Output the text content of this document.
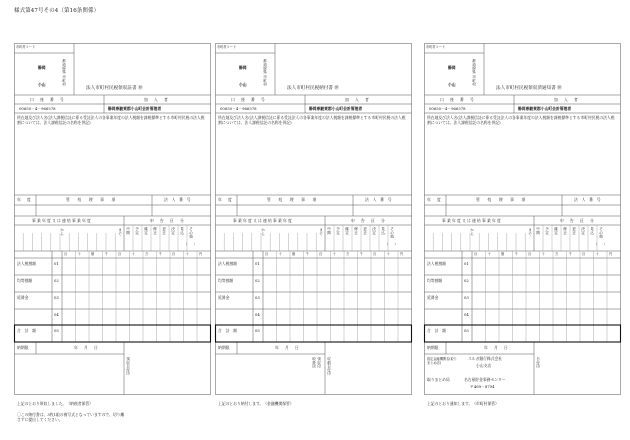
様式第47号その4（第16条関係）
市町村コード
静岡	都道府県
小山	市町村
法人市町村民税領収証書 ㊞
口　座　番　号	加　入　者
00650－4－966578	静岡県駿東郡小山町会計管理者
所在地及び法人名(法人課税信託に係る受託法人の各事業年度の法人税額を課税標準とする市町村民税の法人税割については、法人課税信託の名称を併記)
年　度	管　　処　　理　　事　　項	法　人　番　号
事 業 年 度 又 は 連 結 事 業 年 度	申　告　区　分
から	まで 中間 予定 確定 修正 更正 決定 見込 その他
（　　）
百	十	億	千	百	十	万	千	百	十	円
法人税割額	01
均等割額	02
延滞金	03
04
合　計　額	05
納期限	年　月　日
領収日付印
上記のとおり領収しました。（納税者保管）
〇この納付書は、3枚1組の複写式となっていますので、切り離さずに提出してください。
市町村コード
静岡	都道府県
小山	市町村
法人市町村民税納付書 ㊞
口　座　番　号	加　入　者
00650－4－966578	静岡県駿東郡小山町会計管理者
所在地及び法人名(法人課税信託に係る受託法人の各事業年度の法人税額を課税標準とする市町村民税の法人税割については、法人課税信託の名称を併記)
年　度	管　　処　　理　　事　　項	法　人　番　号
事 業 年 度 又 は 連 結 事 業 年 度	申　告　区　分
から	まで 中間 予定 確定 修正 更正 決定 見込 その他
（　　）
百	十	億	千	百	十	万	千	百	十	円
法人税割額	01
均等割額	02
延滞金	03
04
合　計　額	05
納期限	年　月　日
取扱店 領収印 収納日付印
上記のとおり納付します。（金融機関保管）
市町村コード
静岡	都道府県
小山	市町村
法人市町村民税領収済通知書 ㊞
口　座　番　号	加　入　者
00650－4－966578	静岡県駿東郡小山町会計管理者
所在地及び法人名(法人課税信託に係る受託法人の各事業年度の法人税額を課税標準とする市町村民税の法人税割については、法人課税信託の名称を併記)
年　度	管　　処　　理　　事　　項	法　人　番　号
事 業 年 度 又 は 連 結 事 業 年 度	申　告　区　分
から	まで 中間 予定 確定 修正 更正 決定 見込 その他
（　　）
百	十	億	千	百	十	万	千	百	十	円
法人税割額	01
均等割額	02
延滞金	03
04
合　計　額	05
納期限	年　月　日
指定金融機関名(取りまとめ店)
スルガ銀行株式会社
小山支店
取りまとめ局	名古屋貯金事務センター
〒469－8794
日付印
上記のとおり通知します。（市町村保管）
